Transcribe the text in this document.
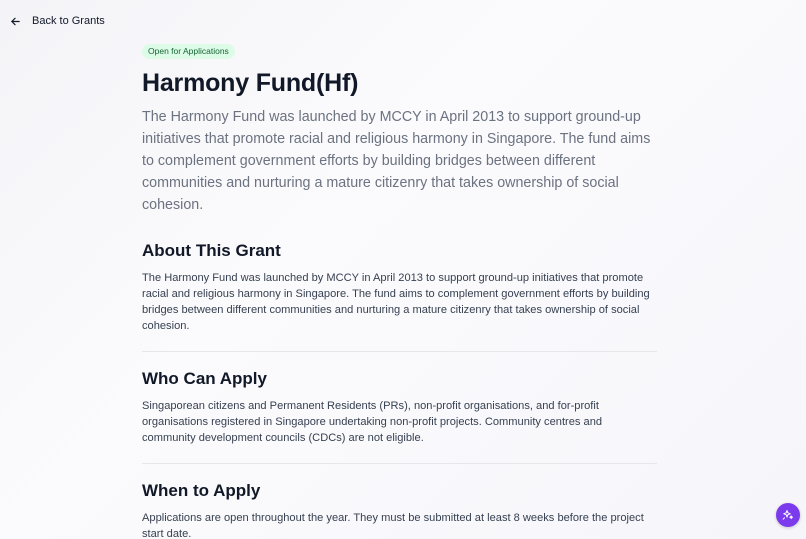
Back to Grants
Open for Applications
Harmony Fund(Hf)

The Harmony Fund was launched by MCCY in April 2013 to support ground-up initiatives that promote racial and religious harmony in Singapore. The fund aims to complement government efforts by building bridges between different communities and nurturing a mature citizenry that takes ownership of social cohesion.

About This Grant

The Harmony Fund was launched by MCCY in April 2013 to support ground-up initiatives that promote racial and religious harmony in Singapore. The fund aims to complement government efforts by building bridges between different communities and nurturing a mature citizenry that takes ownership of social cohesion.

Who Can Apply

Singaporean citizens and Permanent Residents (PRs), non-profit organisations, and for-profit organisations registered in Singapore undertaking non-profit projects. Community centres and community development councils (CDCs) are not eligible.

When to Apply

Applications are open throughout the year. They must be submitted at least 8 weeks before the project start date.
